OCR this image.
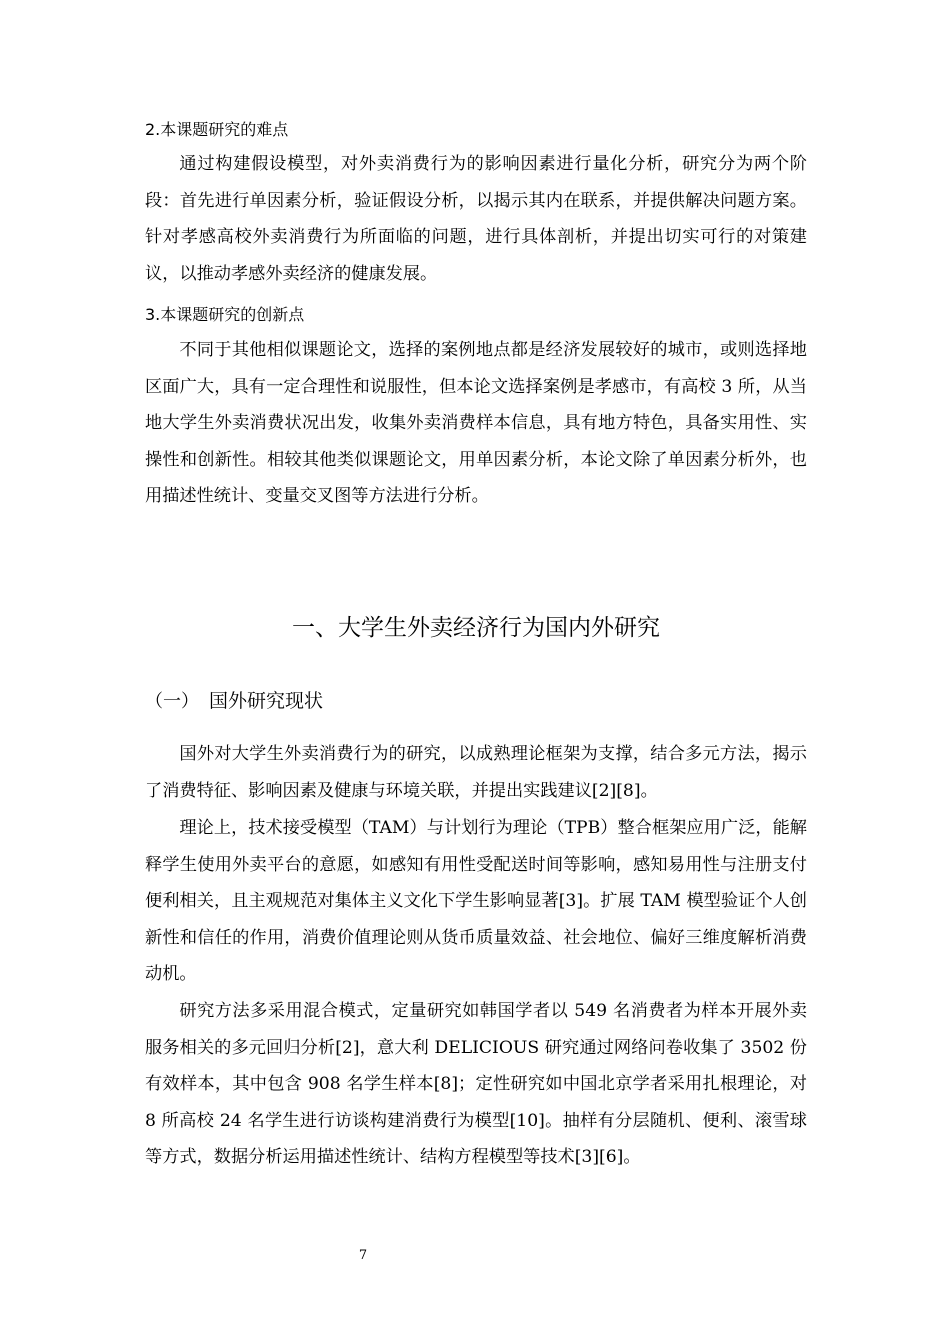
2.本课题研究的难点

通过构建假设模型，对外卖消费行为的影响因素进行量化分析，研究分为两个阶段：首先进行单因素分析，验证假设分析，以揭示其内在联系，并提供解决问题方案。针对孝感高校外卖消费行为所面临的问题，进行具体剖析，并提出切实可行的对策建议，以推动孝感外卖经济的健康发展。

3.本课题研究的创新点

不同于其他相似课题论文，选择的案例地点都是经济发展较好的城市，或则选择地区面广大，具有一定合理性和说服性，但本论文选择案例是孝感市，有高校 3 所，从当地大学生外卖消费状况出发，收集外卖消费样本信息，具有地方特色，具备实用性、实操性和创新性。相较其他类似课题论文，用单因素分析，本论文除了单因素分析外，也用描述性统计、变量交叉图等方法进行分析。

一、大学生外卖经济行为国内外研究
（一） 国外研究现状

国外对大学生外卖消费行为的研究，以成熟理论框架为支撑，结合多元方法，揭示了消费特征、影响因素及健康与环境关联，并提出实践建议[2][8]。

理论上，技术接受模型（TAM）与计划行为理论（TPB）整合框架应用广泛，能解释学生使用外卖平台的意愿，如感知有用性受配送时间等影响，感知易用性与注册支付便利相关，且主观规范对集体主义文化下学生影响显著[3]。扩展 TAM 模型验证个人创新性和信任的作用，消费价值理论则从货币质量效益、社会地位、偏好三维度解析消费动机。

研究方法多采用混合模式，定量研究如韩国学者以 549 名消费者为样本开展外卖服务相关的多元回归分析[2]，意大利 DELICIOUS 研究通过网络问卷收集了 3502 份有效样本，其中包含 908 名学生样本[8]；定性研究如中国北京学者采用扎根理论，对 8 所高校 24 名学生进行访谈构建消费行为模型[10]。抽样有分层随机、便利、滚雪球等方式，数据分析运用描述性统计、结构方程模型等技术[3][6]。

7
